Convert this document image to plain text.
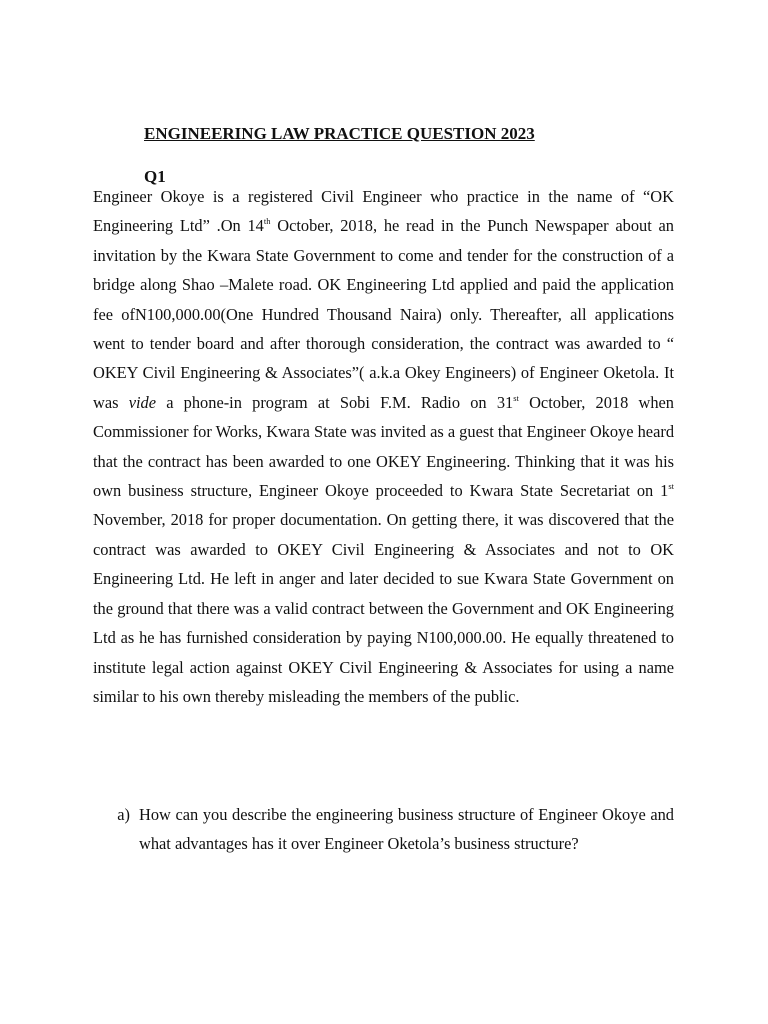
ENGINEERING LAW PRACTICE QUESTION 2023
Q1
Engineer Okoye is a registered Civil Engineer who practice in the name of “OK Engineering Ltd” .On 14th October, 2018, he read in the Punch Newspaper about an invitation by the Kwara State Government to come and tender for the construction of a bridge along Shao –Malete road. OK Engineering Ltd applied and paid the application fee ofN100,000.00(One Hundred Thousand Naira) only. Thereafter, all applications went to tender board and after thorough consideration, the contract was awarded to “ OKEY Civil Engineering & Associates”( a.k.a Okey Engineers) of Engineer Oketola. It was vide a phone-in program at Sobi F.M. Radio on 31st October, 2018 when Commissioner for Works, Kwara State was invited as a guest that Engineer Okoye heard that the contract has been awarded to one OKEY Engineering. Thinking that it was his own business structure, Engineer Okoye proceeded to Kwara State Secretariat on 1st November, 2018 for proper documentation. On getting there, it was discovered that the contract was awarded to OKEY Civil Engineering & Associates and not to OK Engineering Ltd. He left in anger and later decided to sue Kwara State Government on the ground that there was a valid contract between the Government and OK Engineering Ltd as he has furnished consideration by paying N100,000.00. He equally threatened to institute legal action against OKEY Civil Engineering & Associates for using a name similar to his own thereby misleading the members of the public.
a) How can you describe the engineering business structure of Engineer Okoye and what advantages has it over Engineer Oketola’s business structure?
